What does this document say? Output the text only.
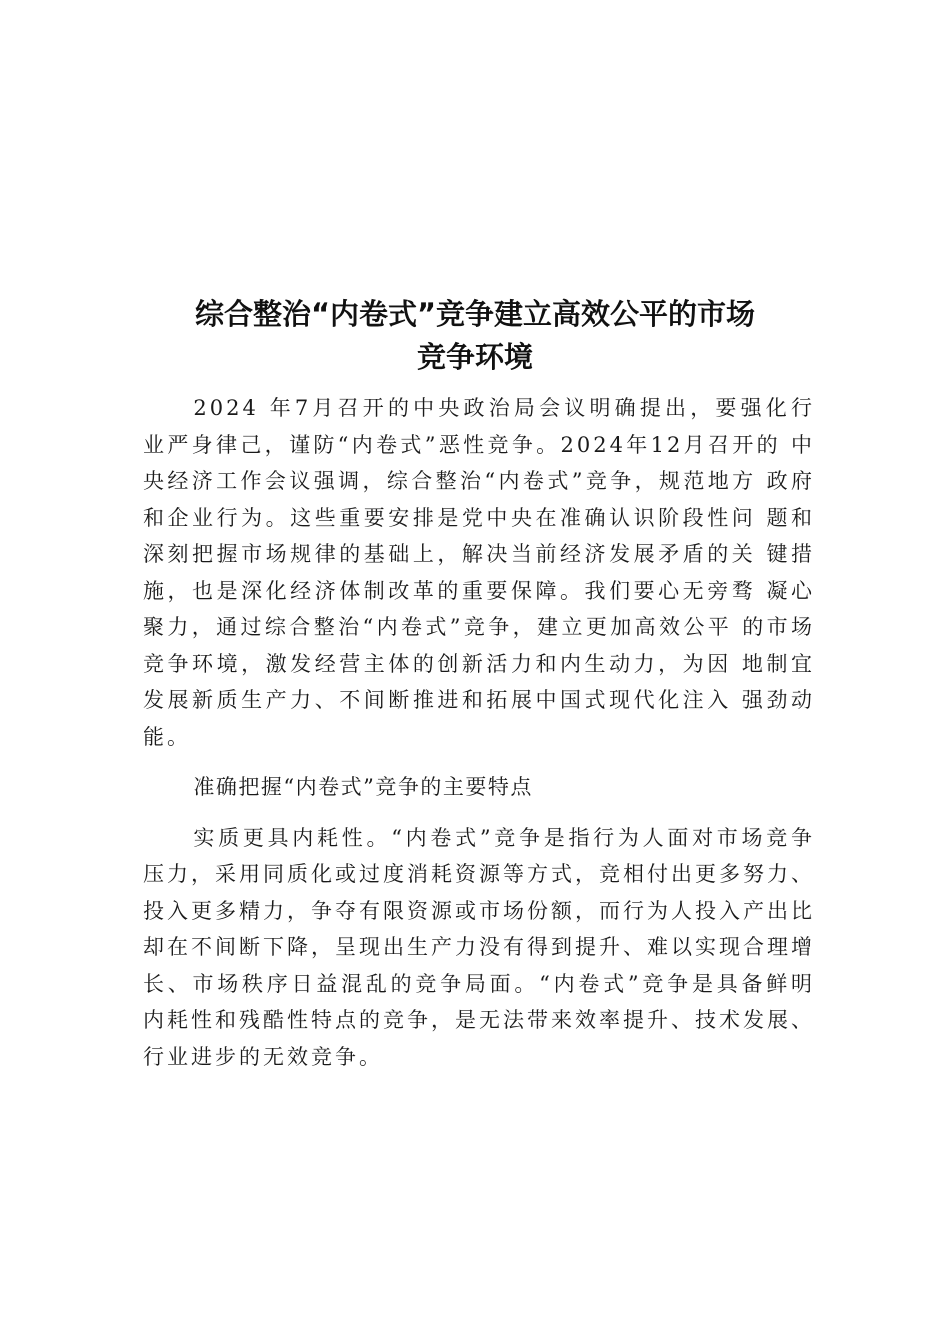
综合整治“内卷式”竞争建立高效公平的市场
竞争环境

2024 年7月召开的中央政治局会议明确提出，要强化行 业严身律己，谨防“内卷式”恶性竞争。2024年12月召开的 中央经济工作会议强调，综合整治“内卷式”竞争，规范地方 政府和企业行为。这些重要安排是党中央在准确认识阶段性问 题和深刻把握市场规律的基础上，解决当前经济发展矛盾的关 键措施，也是深化经济体制改革的重要保障。我们要心无旁骛 凝心聚力，通过综合整治“内卷式”竞争，建立更加高效公平 的市场竞争环境，激发经营主体的创新活力和内生动力，为因 地制宜发展新质生产力、不间断推进和拓展中国式现代化注入 强劲动能。

准确把握“内卷式”竞争的主要特点

实质更具内耗性。“内卷式”竞争是指行为人面对市场竞争压力，采用同质化或过度消耗资源等方式，竞相付出更多努力、投入更多精力，争夺有限资源或市场份额，而行为人投入产出比却在不间断下降，呈现出生产力没有得到提升、难以实现合理增长、市场秩序日益混乱的竞争局面。“内卷式”竞争是具备鲜明内耗性和残酷性特点的竞争，是无法带来效率提升、技术发展、行业进步的无效竞争。
